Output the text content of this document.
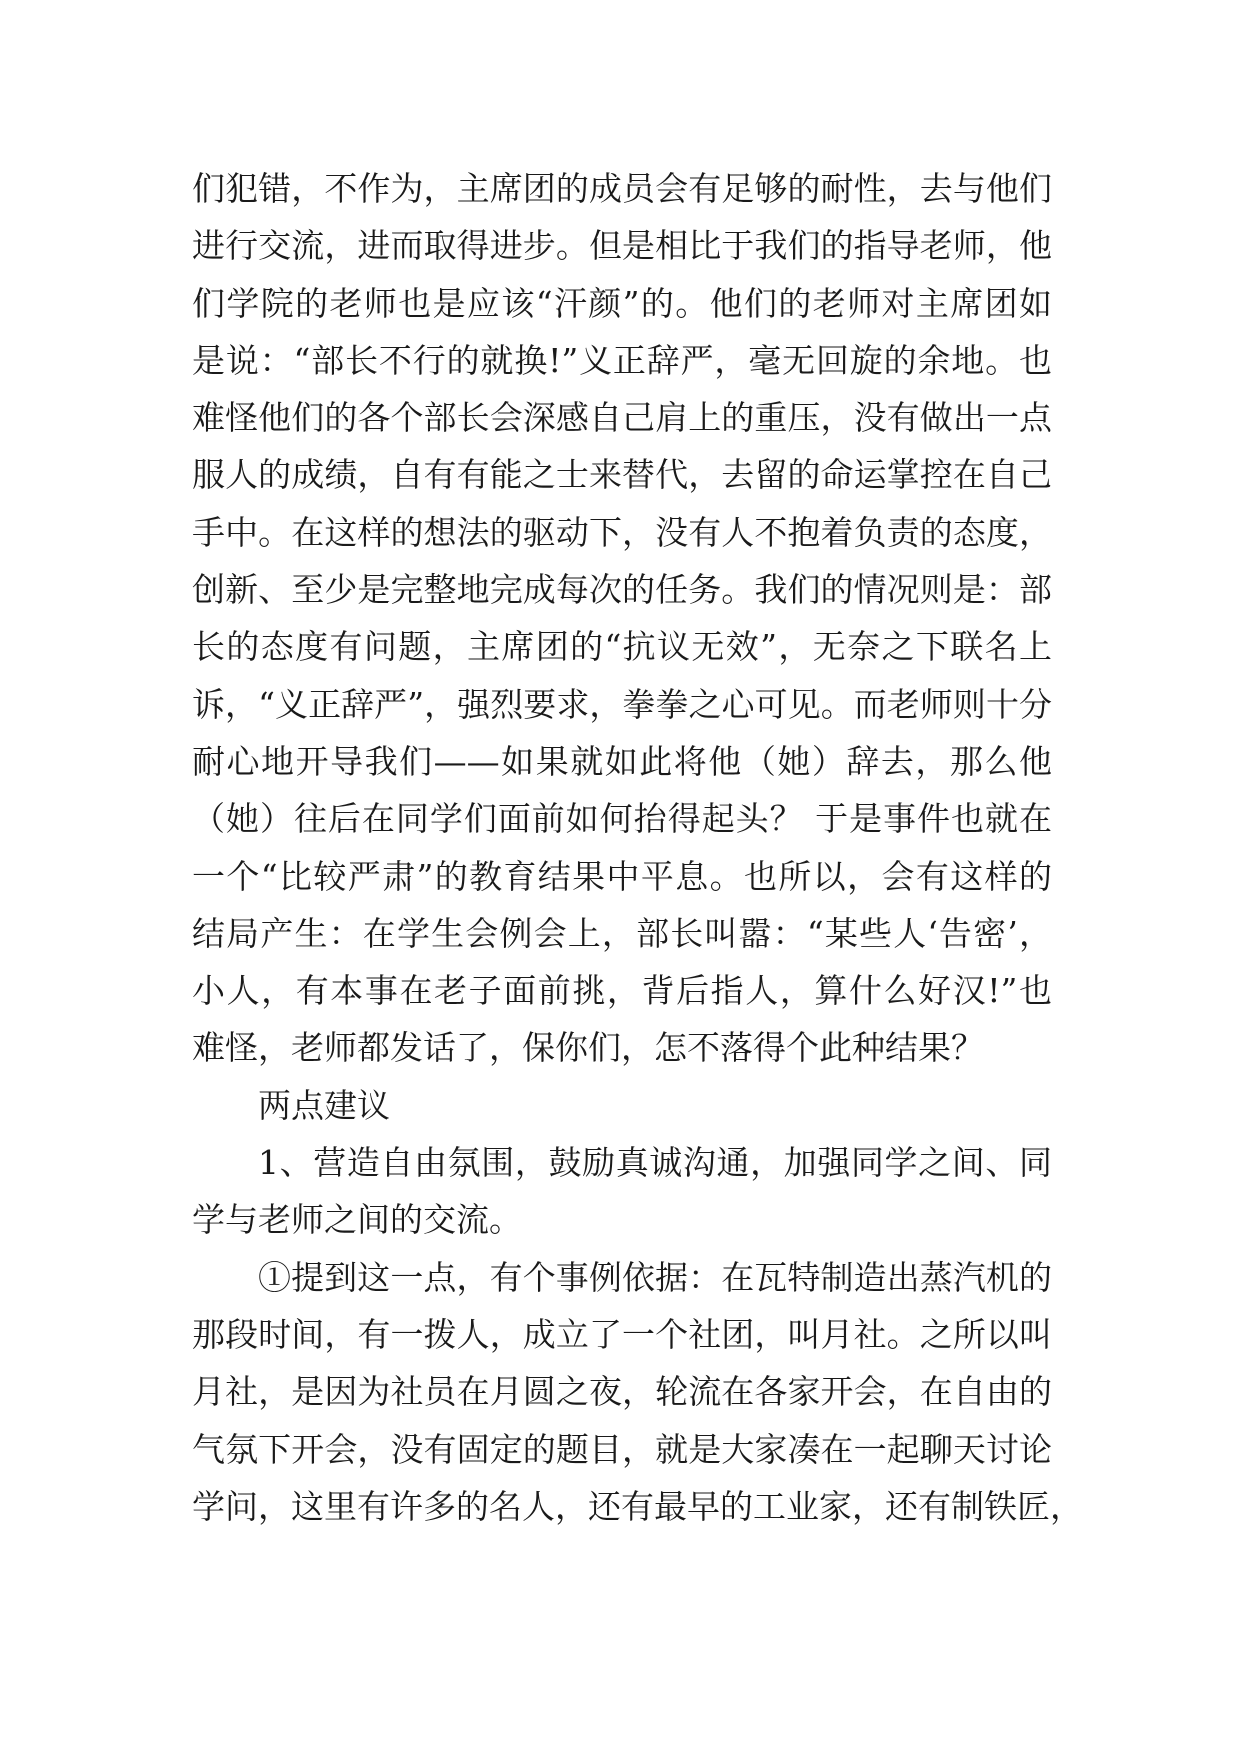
们犯错，不作为，主席团的成员会有足够的耐性，去与他们
进行交流，进而取得进步。但是相比于我们的指导老师，他
们学院的老师也是应该“汗颜”的。他们的老师对主席团如
是说：“部长不行的就换!”义正辞严，毫无回旋的余地。也
难怪他们的各个部长会深感自己肩上的重压，没有做出一点
服人的成绩，自有有能之士来替代，去留的命运掌控在自己
手中。在这样的想法的驱动下，没有人不抱着负责的态度，
创新、至少是完整地完成每次的任务。我们的情况则是：部
长的态度有问题，主席团的“抗议无效”，无奈之下联名上
诉，“义正辞严”，强烈要求，拳拳之心可见。而老师则十分
耐心地开导我们——如果就如此将他（她）辞去，那么他
（她）往后在同学们面前如何抬得起头？ 于是事件也就在
一个“比较严肃”的教育结果中平息。也所以，会有这样的
结局产生：在学生会例会上，部长叫嚣：“某些人‘告密’，
小人，有本事在老子面前挑，背后指人，算什么好汉!”也
难怪，老师都发话了，保你们，怎不落得个此种结果？
两点建议
1、营造自由氛围，鼓励真诚沟通，加强同学之间、同
学与老师之间的交流。
①提到这一点，有个事例依据：在瓦特制造出蒸汽机的
那段时间，有一拨人，成立了一个社团，叫月社。之所以叫
月社，是因为社员在月圆之夜，轮流在各家开会，在自由的
气氛下开会，没有固定的题目，就是大家凑在一起聊天讨论
学问，这里有许多的名人，还有最早的工业家，还有制铁匠，
